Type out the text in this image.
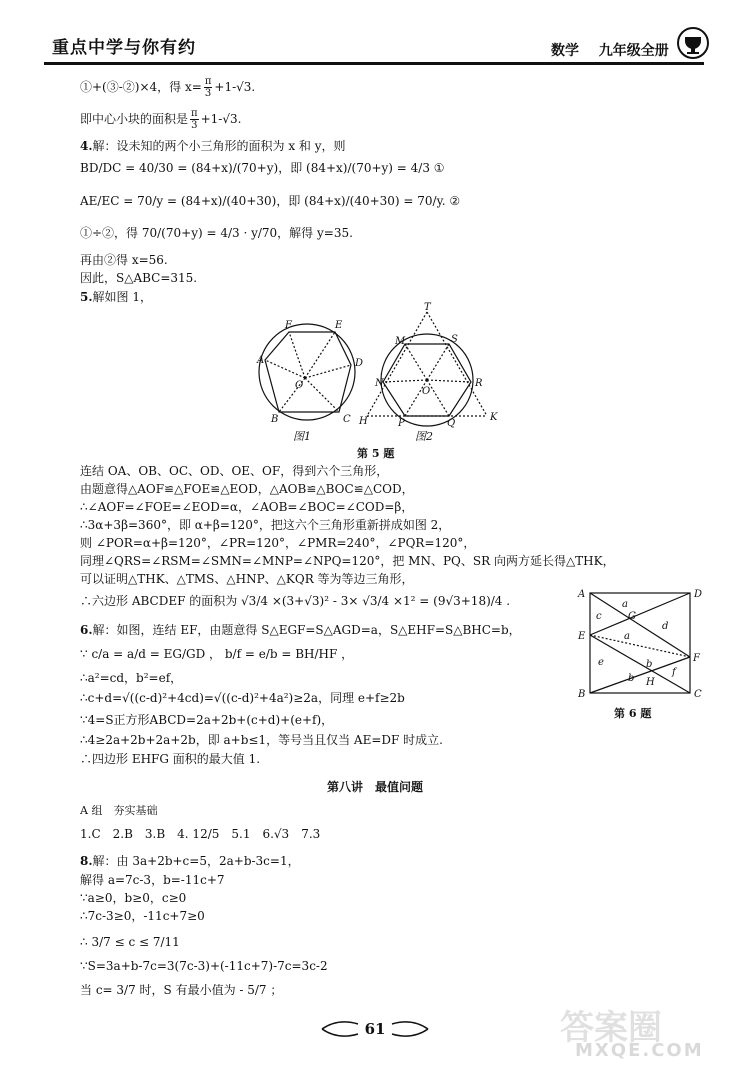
重点中学与你有约	数学 九年级全册
①+(③-②)×4，得 $x= \frac{\pi}{3} +1-√3$.
即中心小块的面积是 $\frac{\pi}{3} +1-√3$.
4.解：设未知的两个小三角形的面积为 x 和 y，则
BD/DC = 40/30 = (84+x)/(70+y)，即 (84+x)/(70+y) = 4/3 ①
AE/EC = 70/y = (84+x)/(40+30)，即 (84+x)/(40+30) = 70/y. ②
①÷②，得 70/(70+y) = 4/3 · y/70，解得 y=35.
再由②得 x=56.
因此，S△ABC=315.
5.解如图 1，
A
F	E
D
C
B
O
T
M	S
N	R
O
H	P	Q
K
图1	图2
第 5 题
连结 OA、OB、OC、OD、OE、OF，得到六个三角形，
由题意得△AOF≌△FOE≌△EOD，△AOB≌△BOC≌△COD，
∴∠AOF=∠FOE=∠EOD=α，∠AOB=∠BOC=∠COD=β，
∴3α+3β=360°，即 α+β=120°，把这六个三角形重新拼成如图 2，
则 ∠POR=α+β=120°，∠PR=120°，∠PMR=240°，∠PQR=120°，
同理∠QRS=∠RSM=∠SMN=∠MNP=∠NPQ=120°，把 MN、PQ、SR 向两方延长得△THK，
可以证明△THK、△TMS、△HNP、△KQR 等为等边三角形，
∴六边形 ABCDEF 的面积为 √3/4 ×(3+√3)² - 3× √3/4 ×1² = (9√3+18)/4 .	A	D
B	C
E
F
G
H
a
c
d
a
e	b
b
f
第 6 题
6.解：如图，连结 EF，由题意得 S△EGF=S△AGD=a，S△EHF=S△BHC=b，
∵ c/a = a/d = EG/GD ， b/f = e/b = BH/HF ，
∴a²=cd，b²=ef，
∴c+d=√((c-d)²+4cd)=√((c-d)²+4a²)≥2a，同理 e+f≥2b
∵4=S正方形ABCD=2a+2b+(c+d)+(e+f)，
∴4≥2a+2b+2a+2b，即 a+b≤1，等号当且仅当 AE=DF 时成立.
∴四边形 EHFG 面积的最大值 1.
第八讲　最值问题
A 组　夯实基础
1.C　2.B　3.B　4. 12/5　5.1　6.√3　7.3
8.解：由 3a+2b+c=5，2a+b-3c=1，
解得 a=7c-3，b=-11c+7
∵a≥0，b≥0，c≥0
∴7c-3≥0，-11c+7≥0
∴ 3/7 ≤ c ≤ 7/11
∵S=3a+b-7c=3(7c-3)+(-11c+7)-7c=3c-2
当 c= 3/7 时，S 有最小值为 - 5/7 ；
61	答案圈
MXQE.COM
